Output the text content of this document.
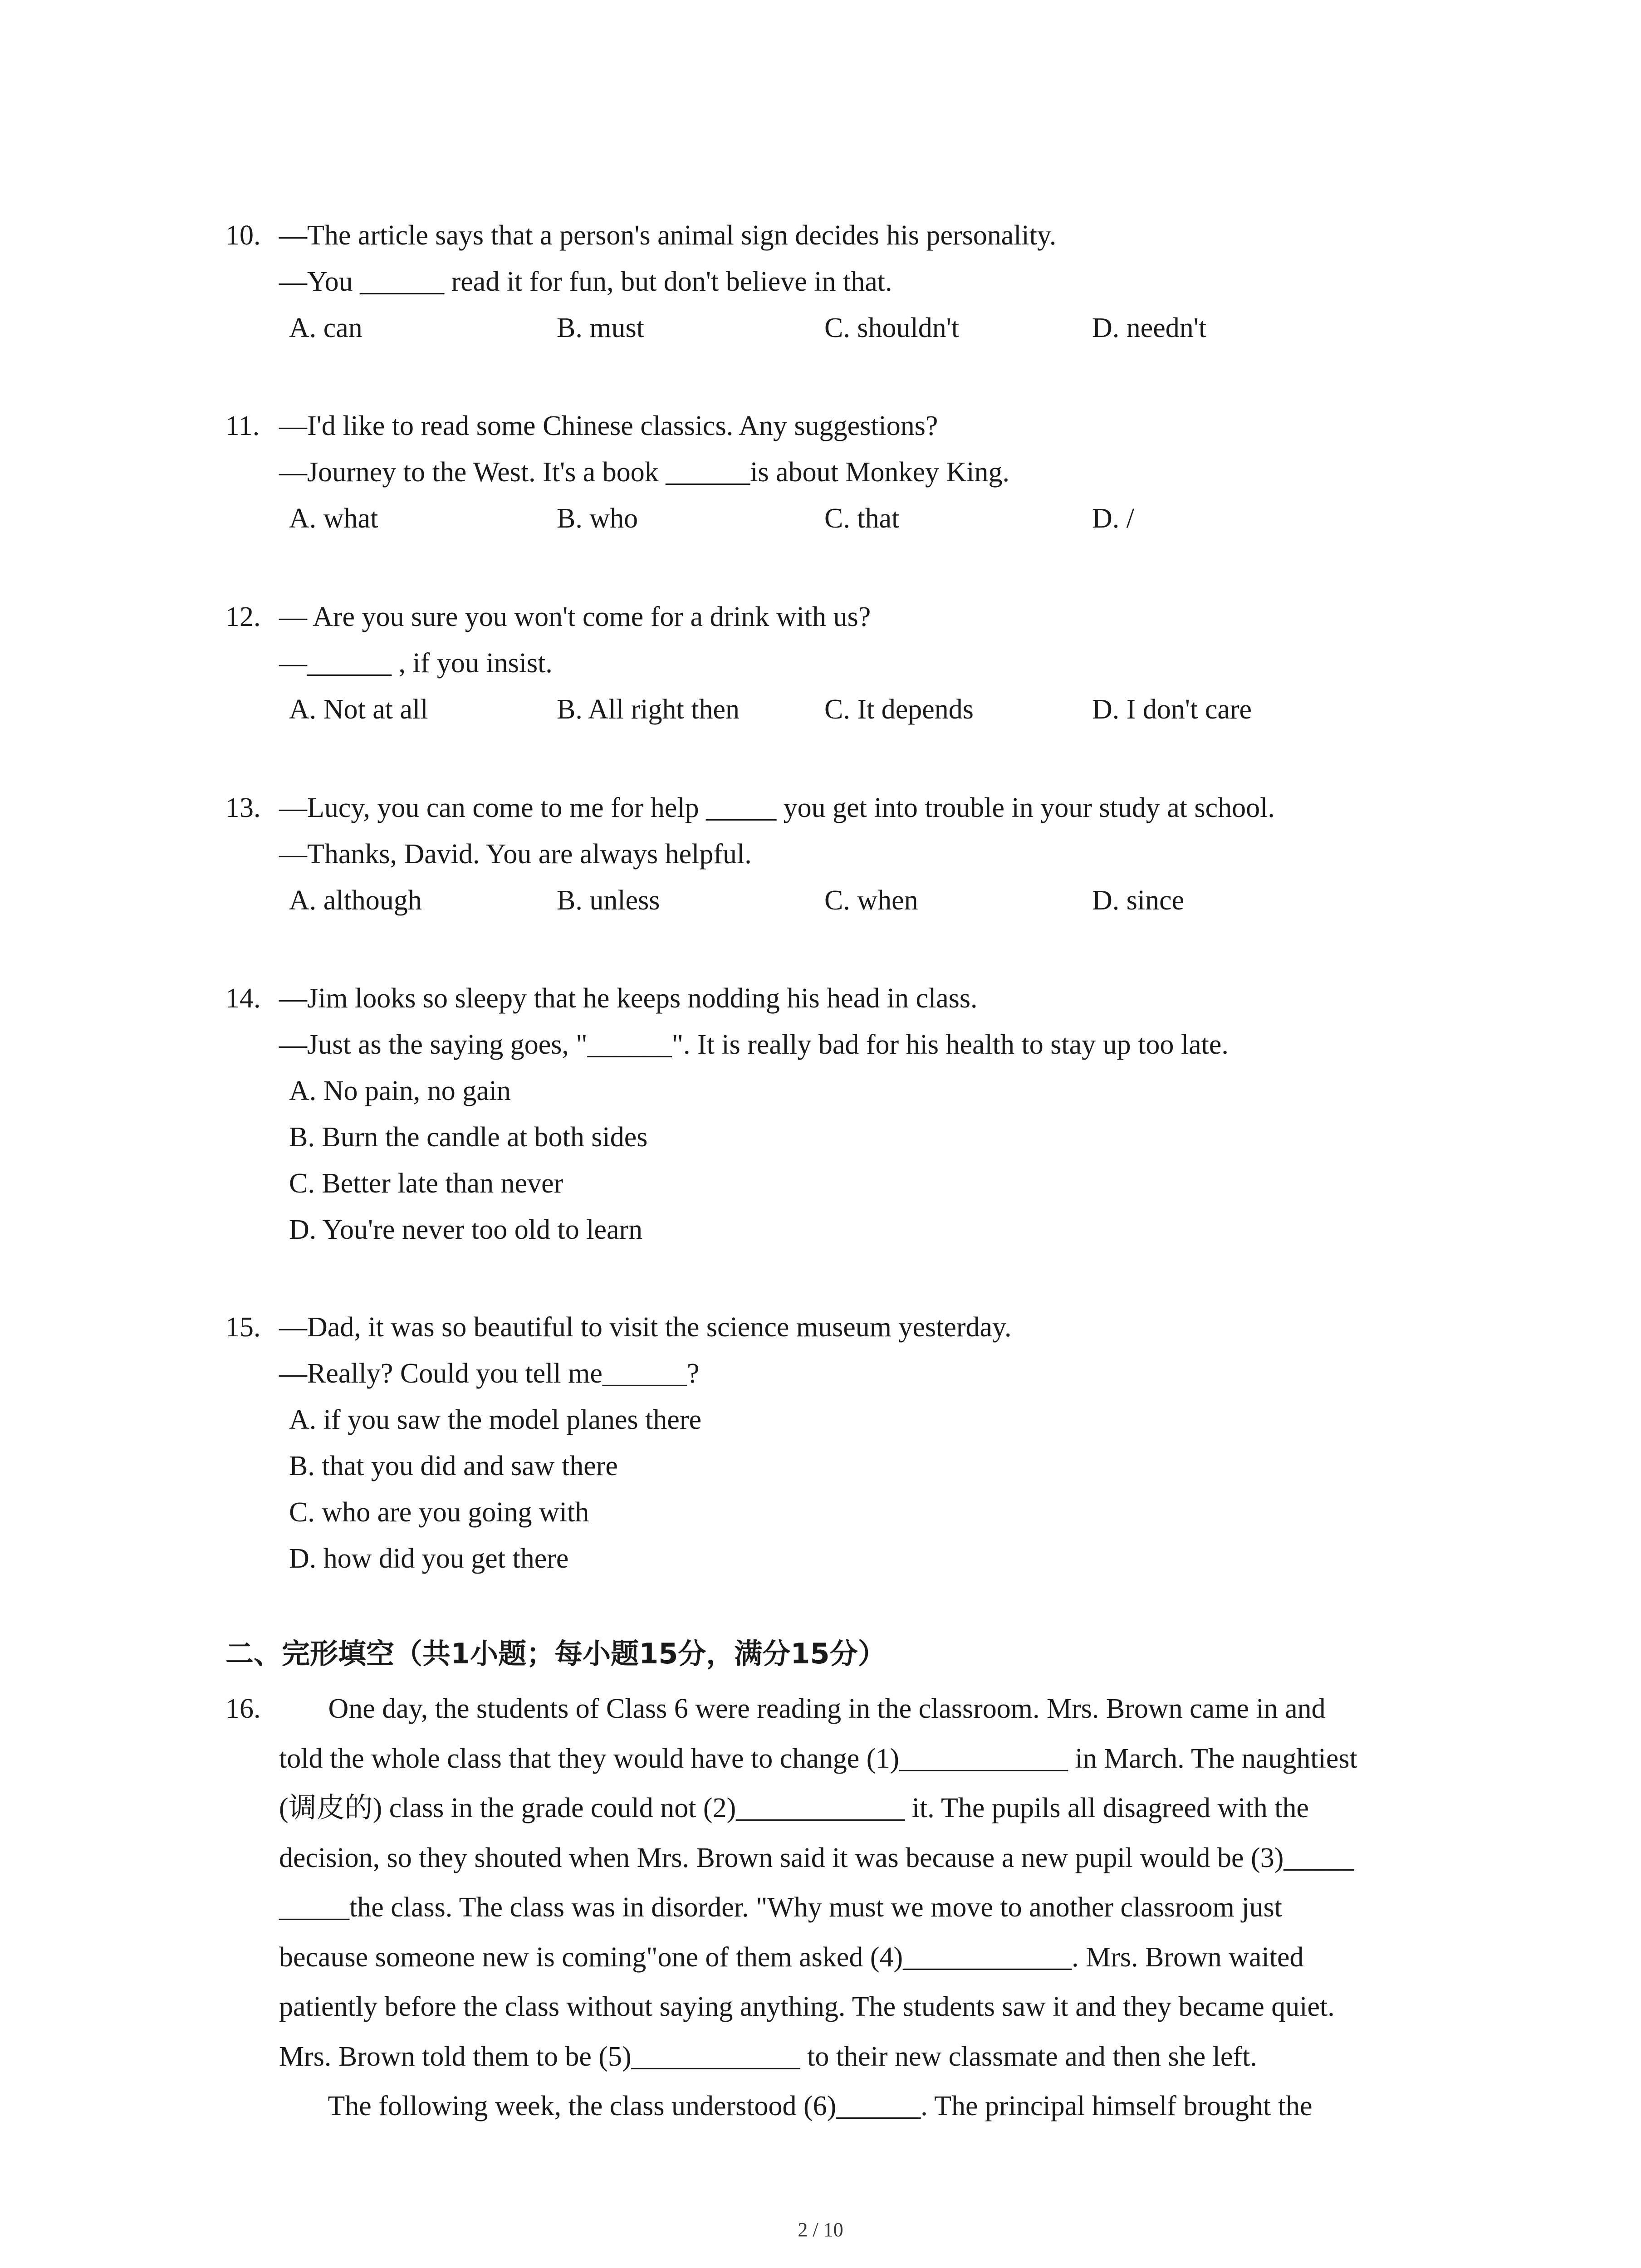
10. —The article says that a person's animal sign decides his personality.
—You ______ read it for fun, but don't believe in that.
A. can	B. must	C. shouldn't	D. needn't
11. —I'd like to read some Chinese classics. Any suggestions?
—Journey to the West. It's a book ______is about Monkey King.
A. what	B. who	C. that	D. /
12. — Are you sure you won't come for a drink with us?
—______ , if you insist.
A. Not at all	B. All right then	C. It depends	D. I don't care
13. —Lucy, you can come to me for help _____ you get into trouble in your study at school.
—Thanks, David. You are always helpful.
A. although	B. unless	C. when	D. since
14. —Jim looks so sleepy that he keeps nodding his head in class.
—Just as the saying goes, "______". It is really bad for his health to stay up too late.
A. No pain, no gain
B. Burn the candle at both sides
C. Better late than never
D. You're never too old to learn
15. —Dad, it was so beautiful to visit the science museum yesterday.
—Really? Could you tell me______?
A. if you saw the model planes there
B. that you did and saw there
C. who are you going with
D. how did you get there
二、完形填空（共1小题；每小题15分，满分15分）
16.       One day, the students of Class 6 were reading in the classroom. Mrs. Brown came in and
told the whole class that they would have to change (1)____________ in March. The naughtiest
(调皮的) class in the grade could not (2)____________ it. The pupils all disagreed with the
decision, so they shouted when Mrs. Brown said it was because a new pupil would be (3)_____
_____the class. The class was in disorder. "Why must we move to another classroom just
because someone new is coming"one of them asked (4)____________. Mrs. Brown waited
patiently before the class without saying anything. The students saw it and they became quiet.
Mrs. Brown told them to be (5)____________ to their new classmate and then she left.
The following week, the class understood (6)______. The principal himself brought the
2 / 10
